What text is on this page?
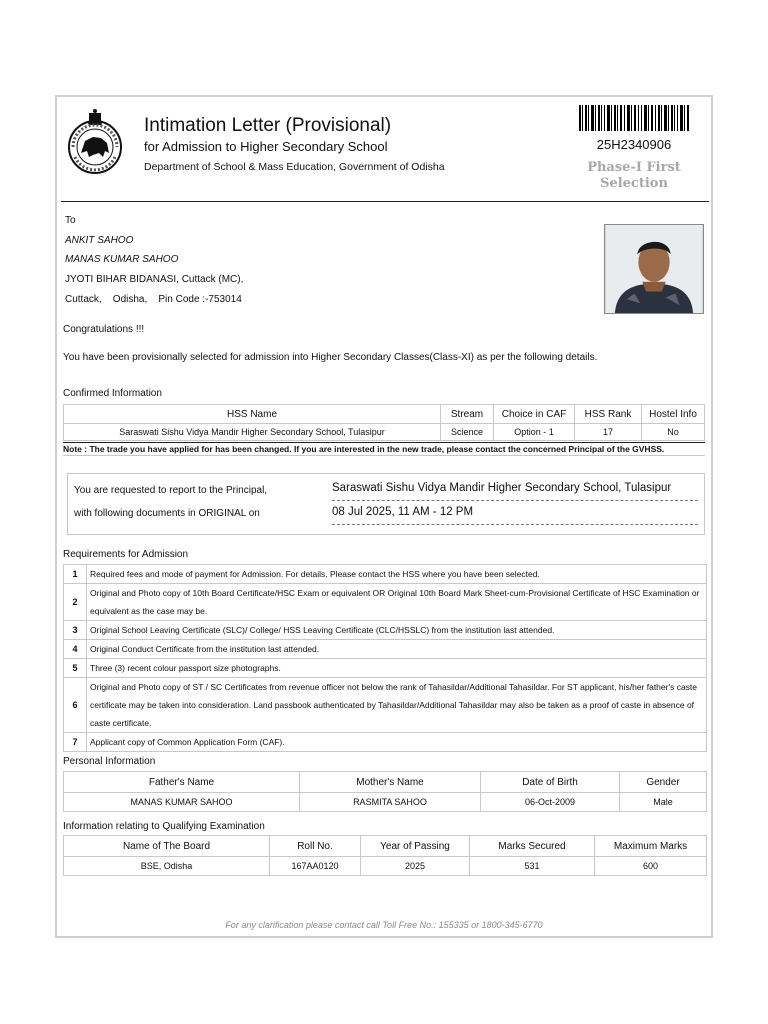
Intimation Letter (Provisional)
for Admission to Higher Secondary School
Department of School & Mass Education, Government of Odisha
25H2340906
Phase-I First Selection
To
ANKIT SAHOO
MANAS KUMAR SAHOO
JYOTI BIHAR BIDANASI, Cuttack (MC),
Cuttack,    Odisha,    Pin Code :-753014
Congratulations !!!
You have been provisionally selected for admission into Higher Secondary Classes(Class-XI) as per the following details.
Confirmed Information
HSS Name	Stream	Choice in CAF	HSS Rank	Hostel Info
Saraswati Sishu Vidya Mandir Higher Secondary School, Tulasipur	Science	Option - 1	17	No
Note : The trade you have applied for has been changed. If you are interested in the new trade, please contact the concerned Principal of the GVHSS.
You are requested to report to the Principal,
with following documents in ORIGINAL on
Saraswati Sishu Vidya Mandir Higher Secondary School, Tulasipur
08 Jul 2025, 11 AM - 12 PM
Requirements for Admission
1	Required fees and mode of payment for Admission. For details, Please contact the HSS where you have been selected.
2	Original and Photo copy of 10th Board Certificate/HSC Exam or equivalent OR Original 10th Board Mark Sheet-cum-Provisional Certificate of HSC Examination or equivalent as the case may be.
3	Original School Leaving Certificate (SLC)/ College/ HSS Leaving Certificate (CLC/HSSLC) from the institution last attended.
4	Original Conduct Certificate from the institution last attended.
5	Three (3) recent colour passport size photographs.
6	Original and Photo copy of ST / SC Certificates from revenue officer not below the rank of Tahasildar/Additional Tahasildar. For ST applicant, his/her father's caste certificate may be taken into consideration. Land passbook authenticated by Tahasildar/Additional Tahasildar may also be taken as a proof of caste in absence of caste certificate.
7	Applicant copy of Common Application Form (CAF).
Personal Information
Father's Name	Mother's Name	Date of Birth	Gender
MANAS KUMAR SAHOO	RASMITA SAHOO	06-Oct-2009	Male
Information relating to Qualifying Examination
Name of The Board	Roll No.	Year of Passing	Marks Secured	Maximum Marks
BSE, Odisha	167AA0120	2025	531	600
For any clarification please contact call Toll Free No.: 155335 or 1800-345-6770
